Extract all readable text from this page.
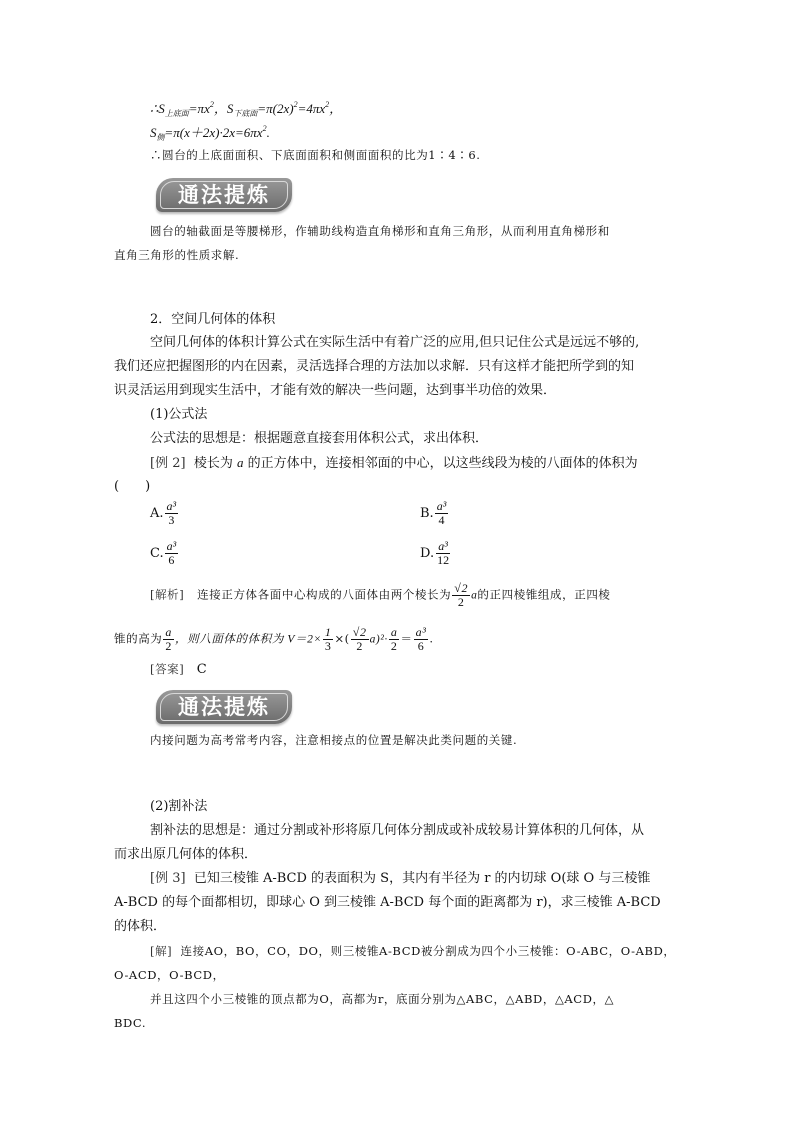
$\therefore S_{上底面}=\pi x^2$，$S_{下底面}=\pi(2x)^2=4\pi x^2$，
$S_侧=\pi(x+2x)\cdot 2x=6\pi x^2$.
∴圆台的上底面面积、下底面面积和侧面面积的比为1∶4∶6.
通法提炼
圆台的轴截面是等腰梯形，作辅助线构造直角梯形和直角三角形，从而利用直角梯形和
直角三角形的性质求解.
2．空间几何体的体积
空间几何体的体积计算公式在实际生活中有着广泛的应用,但只记住公式是远远不够的,
我们还应把握图形的内在因素，灵活选择合理的方法加以求解．只有这样才能把所学到的知
识灵活运用到现实生活中，才能有效的解决一些问题，达到事半功倍的效果．
(1)公式法
公式法的思想是：根据题意直接套用体积公式，求出体积．
[例 2] 棱长为 a 的正方体中，连接相邻面的中心，以这些线段为棱的八面体的体积为
(　　)
A. $\frac{\text{a³}}{3}$	B. $\frac{\text{a³}}{4}$
C. $\frac{\text{a³}}{6}$	D. $\frac{\text{a³}}{12}$
[解析] 连接正方体各面中心构成的八面体由两个棱长为 $\frac{√2}{2}$ a的正四棱锥组成，正四棱
锥的高为 $\frac{a}{2}$ ，则八面体的体积为 $V=2\times \frac{1}{3}$ ×( $\frac{√2}{2} a)^2\cdot \frac{a}{2} = \frac{\text{a³}}{6}$ .
[答案] C
通法提炼
内接问题为高考常考内容，注意相接点的位置是解决此类问题的关键.
(2)割补法
割补法的思想是：通过分割或补形将原几何体分割成或补成较易计算体积的几何体，从
而求出原几何体的体积．
[例 3] 已知三棱锥 A-BCD 的表面积为 S，其内有半径为 r 的内切球 O(球 O 与三棱锥
A-BCD 的每个面都相切，即球心 O 到三棱锥 A-BCD 每个面的距离都为 r)，求三棱锥 A-BCD
的体积．
[解] 连接AO，BO，CO，DO，则三棱锥A-BCD被分割成为四个小三棱锥：O-ABC，O-ABD，
O-ACD，O-BCD，
并且这四个小三棱锥的顶点都为O，高都为r，底面分别为△ABC，△ABD，△ACD，△
BDC.
